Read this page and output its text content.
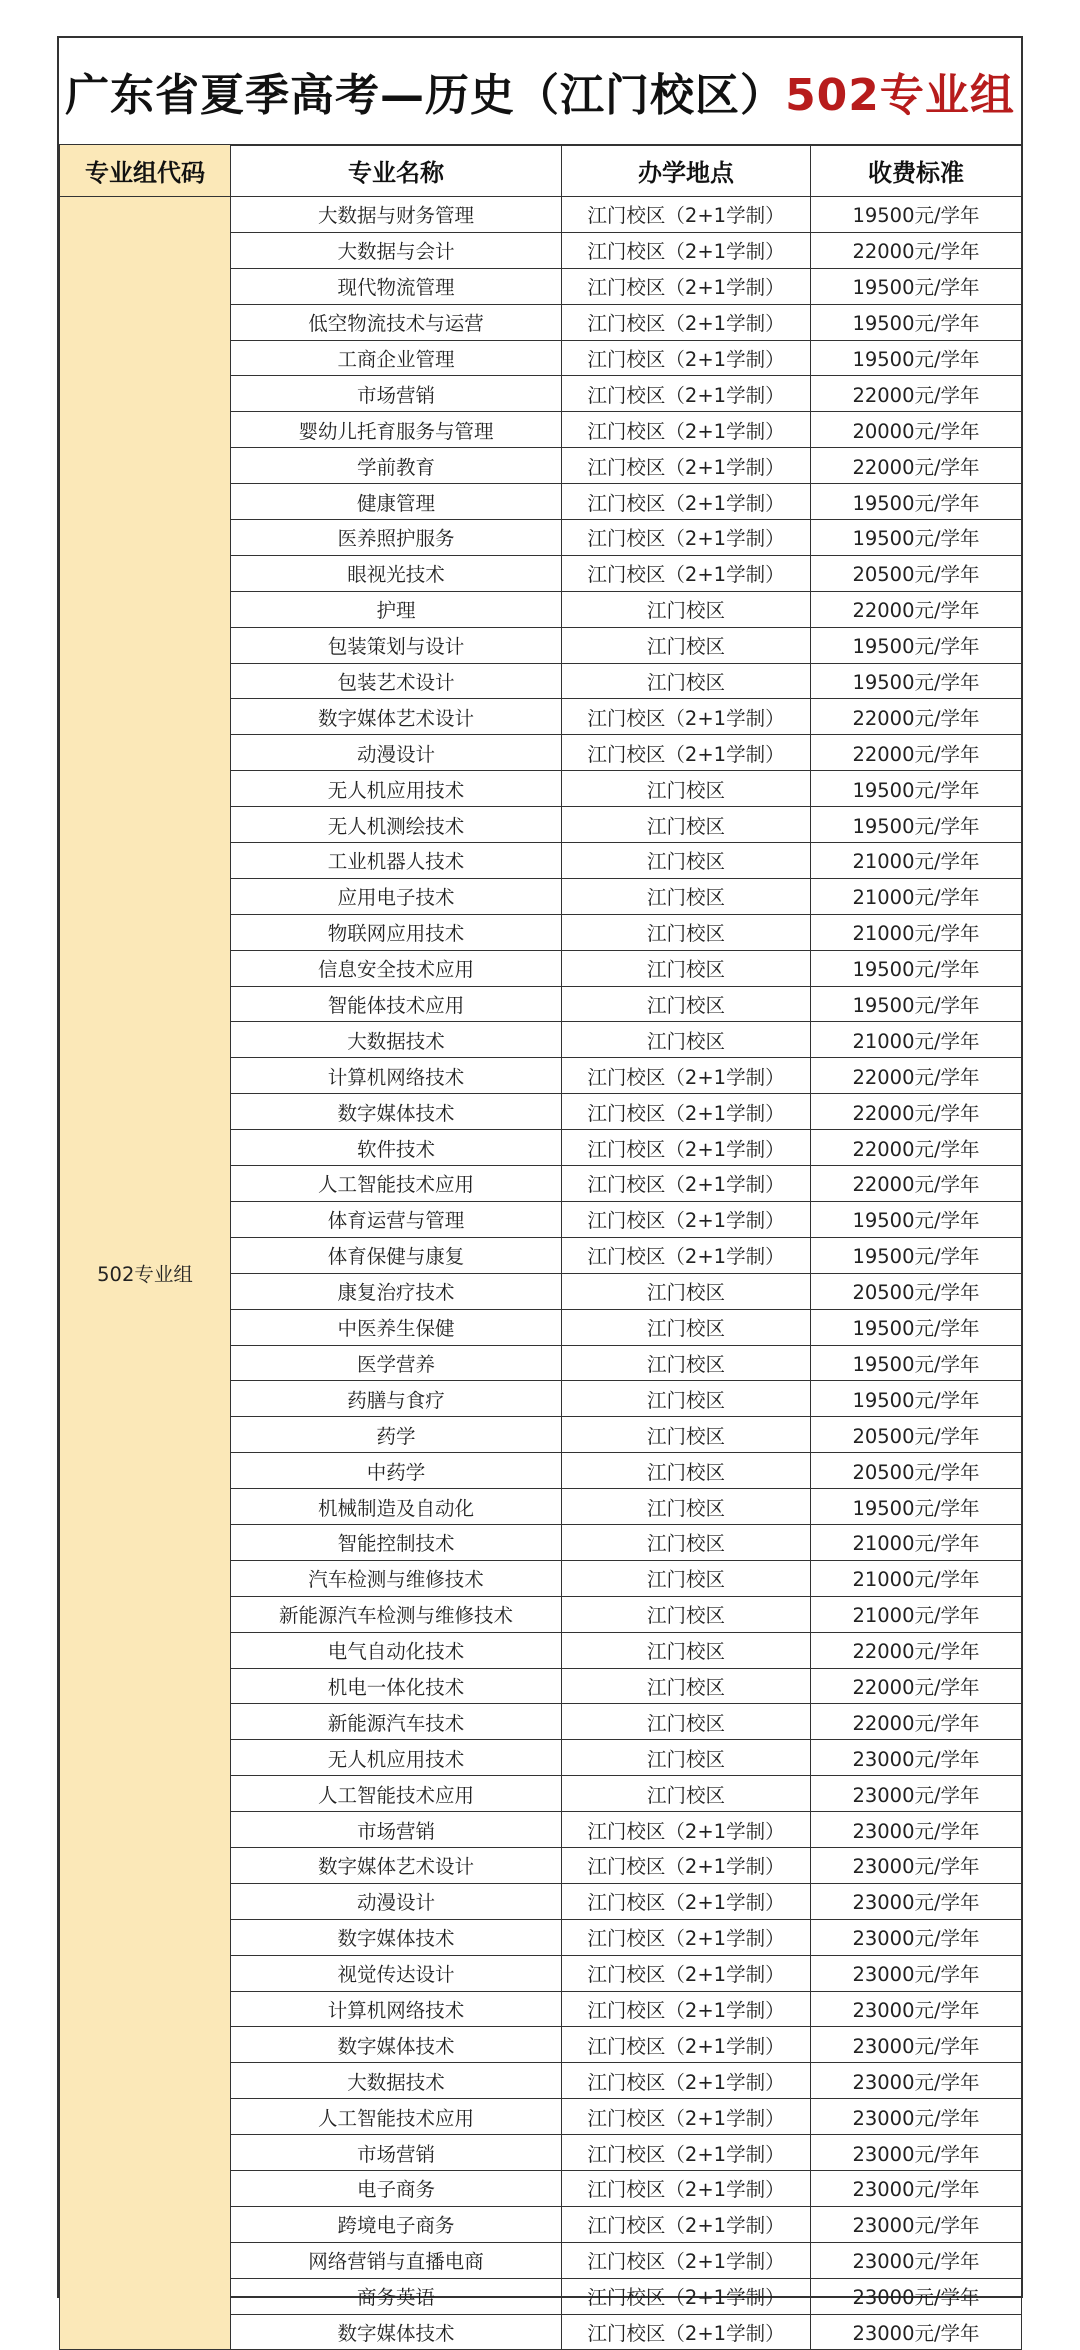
广东省夏季高考—历史（江门校区） 502专业组
专业组代码	专业名称	办学地点	收费标准
502专业组	大数据与财务管理	江门校区（2+1学制）	19500元/学年
	大数据与会计	江门校区（2+1学制）	22000元/学年
	现代物流管理	江门校区（2+1学制）	19500元/学年
	低空物流技术与运营	江门校区（2+1学制）	19500元/学年
	工商企业管理	江门校区（2+1学制）	19500元/学年
	市场营销	江门校区（2+1学制）	22000元/学年
	婴幼儿托育服务与管理	江门校区（2+1学制）	20000元/学年
	学前教育	江门校区（2+1学制）	22000元/学年
	健康管理	江门校区（2+1学制）	19500元/学年
	医养照护服务	江门校区（2+1学制）	19500元/学年
	眼视光技术	江门校区（2+1学制）	20500元/学年
	护理	江门校区	22000元/学年
	包装策划与设计	江门校区	19500元/学年
	包装艺术设计	江门校区	19500元/学年
	数字媒体艺术设计	江门校区（2+1学制）	22000元/学年
	动漫设计	江门校区（2+1学制）	22000元/学年
	无人机应用技术	江门校区	19500元/学年
	无人机测绘技术	江门校区	19500元/学年
	工业机器人技术	江门校区	21000元/学年
	应用电子技术	江门校区	21000元/学年
	物联网应用技术	江门校区	21000元/学年
	信息安全技术应用	江门校区	19500元/学年
	智能体技术应用	江门校区	19500元/学年
	大数据技术	江门校区	21000元/学年
	计算机网络技术	江门校区（2+1学制）	22000元/学年
	数字媒体技术	江门校区（2+1学制）	22000元/学年
	软件技术	江门校区（2+1学制）	22000元/学年
	人工智能技术应用	江门校区（2+1学制）	22000元/学年
	体育运营与管理	江门校区（2+1学制）	19500元/学年
	体育保健与康复	江门校区（2+1学制）	19500元/学年
	康复治疗技术	江门校区	20500元/学年
	中医养生保健	江门校区	19500元/学年
	医学营养	江门校区	19500元/学年
	药膳与食疗	江门校区	19500元/学年
	药学	江门校区	20500元/学年
	中药学	江门校区	20500元/学年
	机械制造及自动化	江门校区	19500元/学年
	智能控制技术	江门校区	21000元/学年
	汽车检测与维修技术	江门校区	21000元/学年
	新能源汽车检测与维修技术	江门校区	21000元/学年
	电气自动化技术	江门校区	22000元/学年
	机电一体化技术	江门校区	22000元/学年
	新能源汽车技术	江门校区	22000元/学年
	无人机应用技术	江门校区	23000元/学年
	人工智能技术应用	江门校区	23000元/学年
	市场营销	江门校区（2+1学制）	23000元/学年
	数字媒体艺术设计	江门校区（2+1学制）	23000元/学年
	动漫设计	江门校区（2+1学制）	23000元/学年
	数字媒体技术	江门校区（2+1学制）	23000元/学年
	视觉传达设计	江门校区（2+1学制）	23000元/学年
	计算机网络技术	江门校区（2+1学制）	23000元/学年
	数字媒体技术	江门校区（2+1学制）	23000元/学年
	大数据技术	江门校区（2+1学制）	23000元/学年
	人工智能技术应用	江门校区（2+1学制）	23000元/学年
	市场营销	江门校区（2+1学制）	23000元/学年
	电子商务	江门校区（2+1学制）	23000元/学年
	跨境电子商务	江门校区（2+1学制）	23000元/学年
	网络营销与直播电商	江门校区（2+1学制）	23000元/学年
	商务英语	江门校区（2+1学制）	23000元/学年
	数字媒体技术	江门校区（2+1学制）	23000元/学年
